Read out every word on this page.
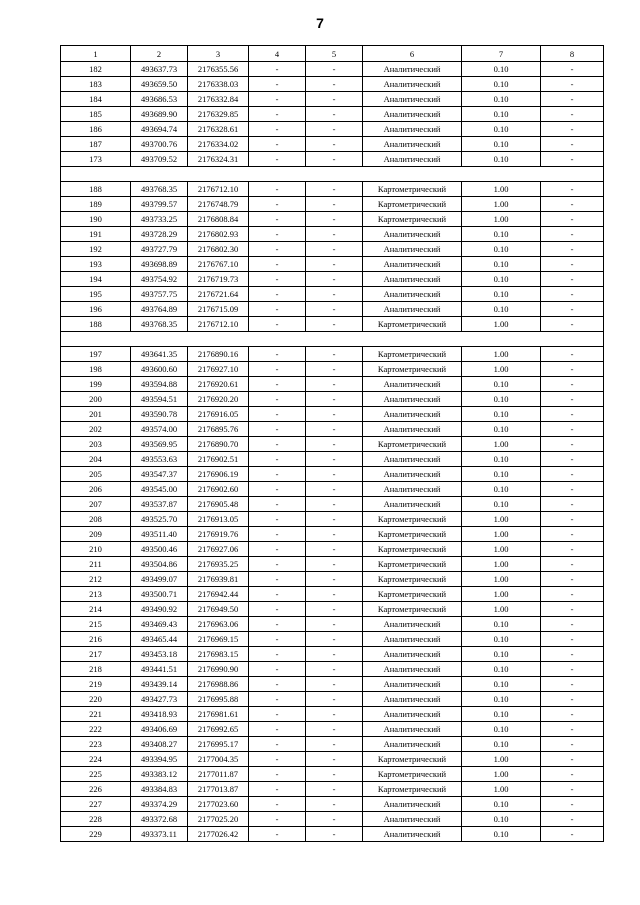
7
1	2	3	4	5	6	7	8
182	493637.73	2176355.56	-	-	Аналитический	0.10	-
183	493659.50	2176338.03	-	-	Аналитический	0.10	-
184	493686.53	2176332.84	-	-	Аналитический	0.10	-
185	493689.90	2176329.85	-	-	Аналитический	0.10	-
186	493694.74	2176328.61	-	-	Аналитический	0.10	-
187	493700.76	2176334.02	-	-	Аналитический	0.10	-
173	493709.52	2176324.31	-	-	Аналитический	0.10	-

188	493768.35	2176712.10	-	-	Картометрический	1.00	-
189	493799.57	2176748.79	-	-	Картометрический	1.00	-
190	493733.25	2176808.84	-	-	Картометрический	1.00	-
191	493728.29	2176802.93	-	-	Аналитический	0.10	-
192	493727.79	2176802.30	-	-	Аналитический	0.10	-
193	493698.89	2176767.10	-	-	Аналитический	0.10	-
194	493754.92	2176719.73	-	-	Аналитический	0.10	-
195	493757.75	2176721.64	-	-	Аналитический	0.10	-
196	493764.89	2176715.09	-	-	Аналитический	0.10	-
188	493768.35	2176712.10	-	-	Картометрический	1.00	-

197	493641.35	2176890.16	-	-	Картометрический	1.00	-
198	493600.60	2176927.10	-	-	Картометрический	1.00	-
199	493594.88	2176920.61	-	-	Аналитический	0.10	-
200	493594.51	2176920.20	-	-	Аналитический	0.10	-
201	493590.78	2176916.05	-	-	Аналитический	0.10	-
202	493574.00	2176895.76	-	-	Аналитический	0.10	-
203	493569.95	2176890.70	-	-	Картометрический	1.00	-
204	493553.63	2176902.51	-	-	Аналитический	0.10	-
205	493547.37	2176906.19	-	-	Аналитический	0.10	-
206	493545.00	2176902.60	-	-	Аналитический	0.10	-
207	493537.87	2176905.48	-	-	Аналитический	0.10	-
208	493525.70	2176913.05	-	-	Картометрический	1.00	-
209	493511.40	2176919.76	-	-	Картометрический	1.00	-
210	493500.46	2176927.06	-	-	Картометрический	1.00	-
211	493504.86	2176935.25	-	-	Картометрический	1.00	-
212	493499.07	2176939.81	-	-	Картометрический	1.00	-
213	493500.71	2176942.44	-	-	Картометрический	1.00	-
214	493490.92	2176949.50	-	-	Картометрический	1.00	-
215	493469.43	2176963.06	-	-	Аналитический	0.10	-
216	493465.44	2176969.15	-	-	Аналитический	0.10	-
217	493453.18	2176983.15	-	-	Аналитический	0.10	-
218	493441.51	2176990.90	-	-	Аналитический	0.10	-
219	493439.14	2176988.86	-	-	Аналитический	0.10	-
220	493427.73	2176995.88	-	-	Аналитический	0.10	-
221	493418.93	2176981.61	-	-	Аналитический	0.10	-
222	493406.69	2176992.65	-	-	Аналитический	0.10	-
223	493408.27	2176995.17	-	-	Аналитический	0.10	-
224	493394.95	2177004.35	-	-	Картометрический	1.00	-
225	493383.12	2177011.87	-	-	Картометрический	1.00	-
226	493384.83	2177013.87	-	-	Картометрический	1.00	-
227	493374.29	2177023.60	-	-	Аналитический	0.10	-
228	493372.68	2177025.20	-	-	Аналитический	0.10	-
229	493373.11	2177026.42	-	-	Аналитический	0.10	-
